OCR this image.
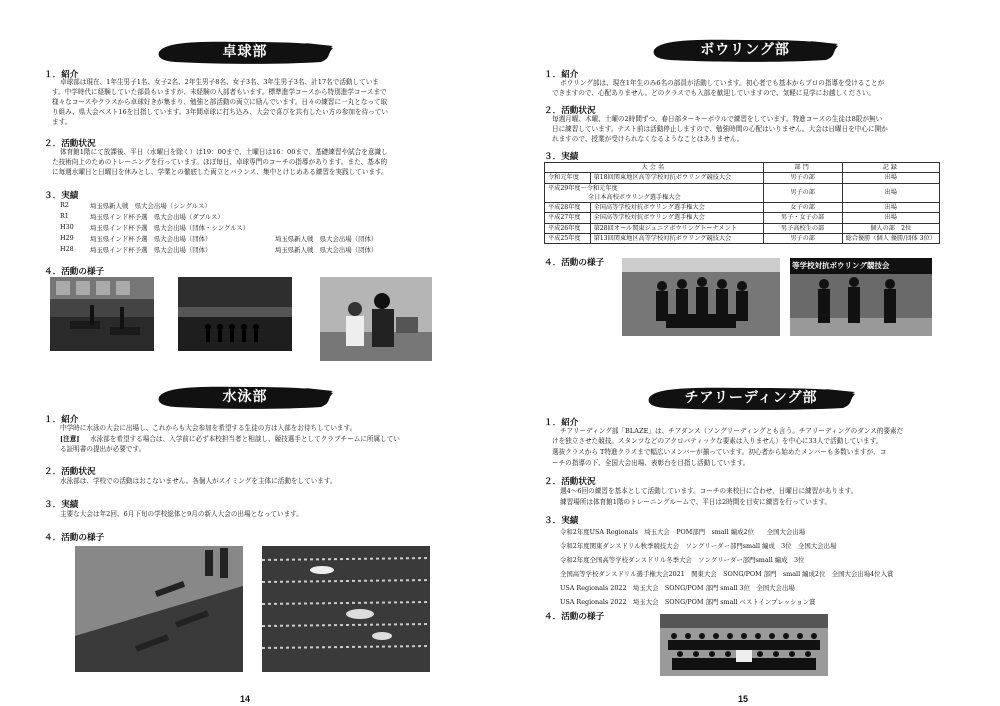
卓球部
１．紹介
卓球部は現在、1年生男子1名、女子2名、2年生男子8名、女子3名、3年生男子3名、計17名で活動していま
す。中学時代に経験していた部員もいますが、未経験の入部者もいます。標準進学コースから特別進学コースまで
様々なコースやクラスから卓球好きが集まり、勉強と部活動の両立に励んでいます。日々の練習に一丸となって取
り組み、県大会ベスト16を目指しています。3年間卓球に打ち込み、大会で喜びを共有したい方の参加を待ってい
ます。
２．活動状況
体育館1階にて放課後、平日（水曜日を除く）は19：00まで、土曜日は16：00まで、基礎練習や試合を意識し
た技術向上のためのトレーニングを行っています。ほぼ毎日、卓球専門のコーチの指導があります。また、基本的
に毎週水曜日と日曜日を休みとし、学業との徹底した両立とバランス、集中とけじめある練習を実践しています。
３．実績
R2	埼玉県新人戦　県大会出場（シングルス）
R1	埼玉県インド杯予選　県大会出場（ダブルス）
H30	埼玉県インド杯予選　県大会出場（団体・シングルス）
H29	埼玉県インド杯予選　県大会出場（団体）	埼玉県新人戦　県大会出場（団体）
H28	埼玉県インド杯予選　県大会出場（団体）	埼玉県新人戦　県大会出場（団体）
４．活動の様子
水泳部
１．紹介
中学時に水泳の大会に出場し、これからも大会参加を希望する生徒の方は入部をお待ちしています。
[注意] 水泳部を希望する場合は、入学前に必ず本校担当者と相談し、競技選手としてクラブチームに所属してい
る証明書の提出が必要です。
２．活動状況
水泳部は、学校での活動はおこないません。各個人がスイミングを主体に活動をしています。
３．実績
主要な大会は年2回、6月下旬の学校総体と9月の新人大会の出場となっています。
４．活動の様子
14
ボウリング部
１．紹介
ボウリング部は、現在1年生のみ6名の部員が活動しています。初心者でも基本からプロの指導を受けることが
できますので、心配ありません。どのクラスでも入部を歓迎していますので、気軽に見学にお越しください。
２．活動状況
毎週月曜、木曜、土曜の2時間ずつ、春日部ターキーボウルで練習をしています。特進コースの生徒は8限が無い
日に練習しています。テスト前は活動停止しますので、勉強時間の心配はいりません。大会は日曜日を中心に開か
れますので、授業が受けられなくなるようなことはありません。
３．実績
大会名		部門	記録
令和元年度	第18回関東地区高等学校対抗ボウリング競技大会	男子の部	出場
平成29年度～令和元年度
全日本高校ボウリング選手権大会		男子の部	出場
平成28年度	全国高等学校対抗ボウリング選手権大会	女子の部	出場
平成27年度	全国高等学校対抗ボウリング選手権大会	男子・女子の部	出場
平成26年度	第28回オール関東ジュニアボウリングトーナメント	男子高校生の部	個人の部　2位
平成25年度	第13回関東地区高等学校対抗ボウリング競技大会	男子の部	総合優勝（個人 優勝/団体 3位）
４．活動の様子	等学校対抗ボウリング競技会
チアリーディング部
１．紹介
チアリーディング部「BLAZE」は、チアダンス（ソングリーディングとも言う。チアリーディングのダンス的要素だ
けを独立させた競技。スタンツなどのアクロバティックな要素は入りません）を中心に33人で活動しています。
選抜クラスから T特進クラスまで幅広いメンバーが揃っています。初心者から始めたメンバーも多数いますが、コ
ーチの指導の下、全国大会出場、表彰台を目指し活動しています。
２．活動状況
週4～6回の練習を基本として活動しています。コーチの来校日に合わせ、日曜日に練習があります。
練習場所は体育館1階のトレーニングルームで、平日は2時間を目安に練習を行っています。
３．実績
令和2年度USA Regionals　埼玉大会　POM部門　small 編成2位　　全国大会出場
令和2年度関東ダンスドリル秋季競技大会　ソングリーダー部門small 編成　3位　全国大会出場
令和2年度全国高等学校ダンスドリル冬季大会　ソングリーダー部門small 編成　3位
全国高等学校ダンスドリル選手権大会2021　関東大会　SONG/POM 部門　small 編成2位　全国大会出場4位入賞
USA Regionals 2022　埼玉大会　SONG/POM 部門 small 3位　全国大会出場
USA Regionals 2022　埼玉大会　SONG/POM 部門 small ベストインプレッション賞
４．活動の様子
15
